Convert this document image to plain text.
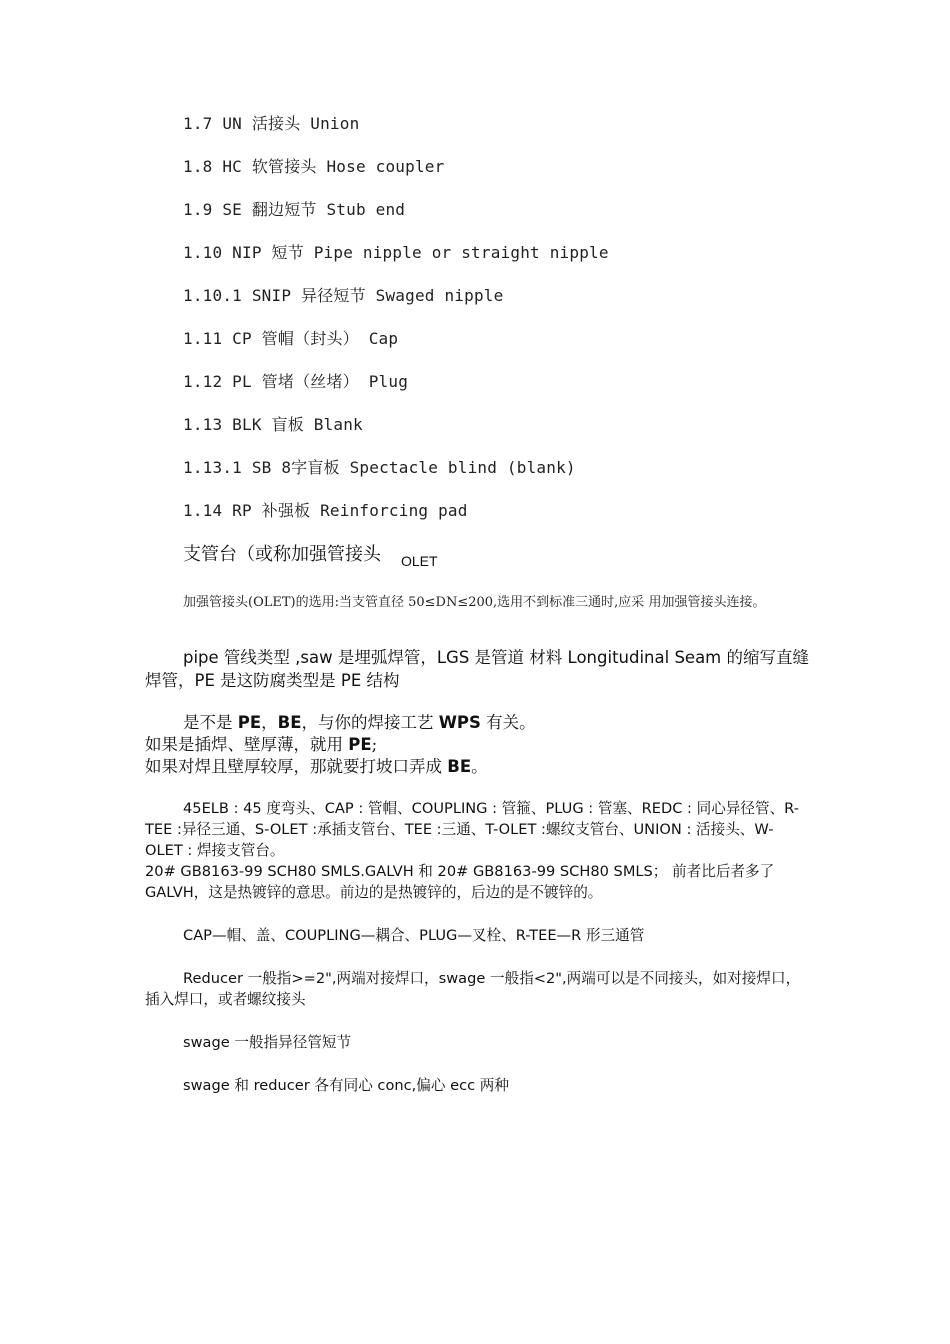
1.7 UN 活接头 Union
1.8 HC 软管接头 Hose coupler
1.9 SE 翻边短节 Stub end
1.10 NIP 短节 Pipe nipple or straight nipple
1.10.1 SNIP 异径短节 Swaged nipple
1.11 CP 管帽（封头） Cap
1.12 PL 管堵（丝堵） Plug
1.13 BLK 盲板 Blank
1.13.1 SB 8字盲板 Spectacle blind (blank)
1.14 RP 补强板 Reinforcing pad
支管台（或称加强管接头 $_{OLET}$
加强管接头(OLET)的选用:当支管直径 50≤DN≤200,选用不到标准三通时,应采 用加强管接头连接。
pipe 管线类型 ,saw 是埋弧焊管，LGS 是管道 材料 Longitudinal Seam 的缩写直缝焊管，PE 是这防腐类型是 PE 结构
是不是 PE，BE，与你的焊接工艺 WPS 有关。
如果是插焊、壁厚薄，就用 PE;
如果对焊且壁厚较厚，那就要打坡口弄成 BE。
45ELB : 45 度弯头、CAP : 管帽、COUPLING : 管箍、PLUG : 管塞、REDC : 同心异径管、R-TEE :异径三通、S-OLET :承插支管台、TEE :三通、T-OLET :螺纹支管台、UNION : 活接头、W-OLET : 焊接支管台。
20# GB8163-99 SCH80 SMLS.GALVH 和 20# GB8163-99 SCH80 SMLS； 前者比后者多了 GALVH，这是热镀锌的意思。前边的是热镀锌的，后边的是不镀锌的。
CAP—帽、盖、COUPLING—耦合、PLUG—叉栓、R-TEE—R 形三通管
Reducer 一般指>=2",两端对接焊口，swage 一般指<2",两端可以是不同接头，如对接焊口，插入焊口，或者螺纹接头
swage 一般指异径管短节
swage 和 reducer 各有同心 conc,偏心 ecc 两种
